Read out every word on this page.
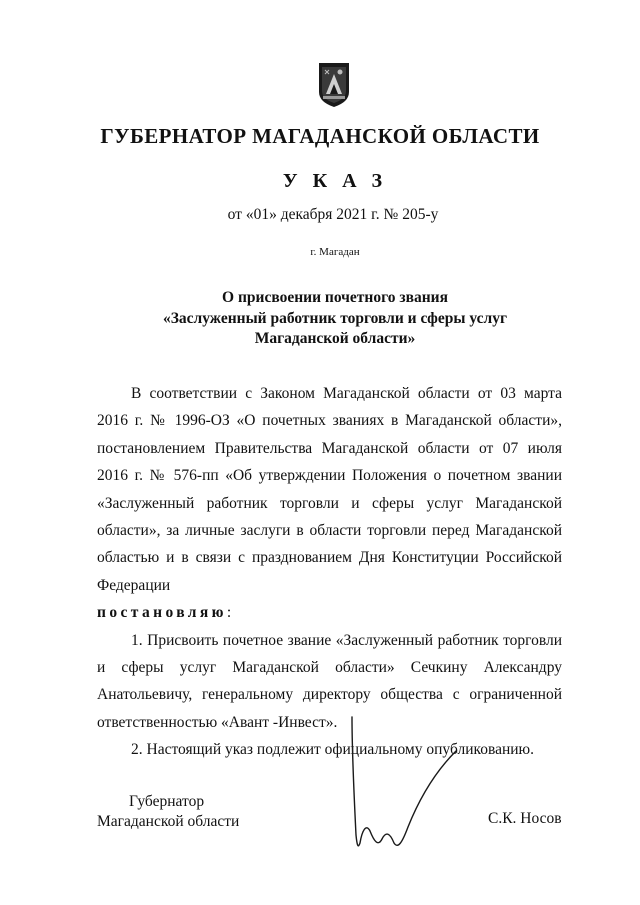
ГУБЕРНАТОР МАГАДАНСКОЙ ОБЛАСТИ
У К А З
от «01» декабря 2021 г. № 205-у
г. Магадан
О присвоении почетного звания
«Заслуженный работник торговли и сферы услуг
Магаданской области»

В соответствии с Законом Магаданской области от 03 марта 2016 г. № 1996-ОЗ «О почетных званиях в Магаданской области», постановлением Правительства Магаданской области от 07 июля 2016 г. № 576-пп «Об утверждении Положения о почетном звании «Заслуженный работник торговли и сферы услуг Магаданской области», за личные заслуги в области торговли перед Магаданской областью и в связи с празднованием Дня Конституции Российской Федерации

постановляю:

1. Присвоить почетное звание «Заслуженный работник торговли и сферы услуг Магаданской области» Сечкину Александру Анатольевичу, генеральному директору общества с ограниченной ответственностью «Авант -Инвест».

2. Настоящий указ подлежит официальному опубликованию.

Губернатор
Магаданской области	С.К. Носов
